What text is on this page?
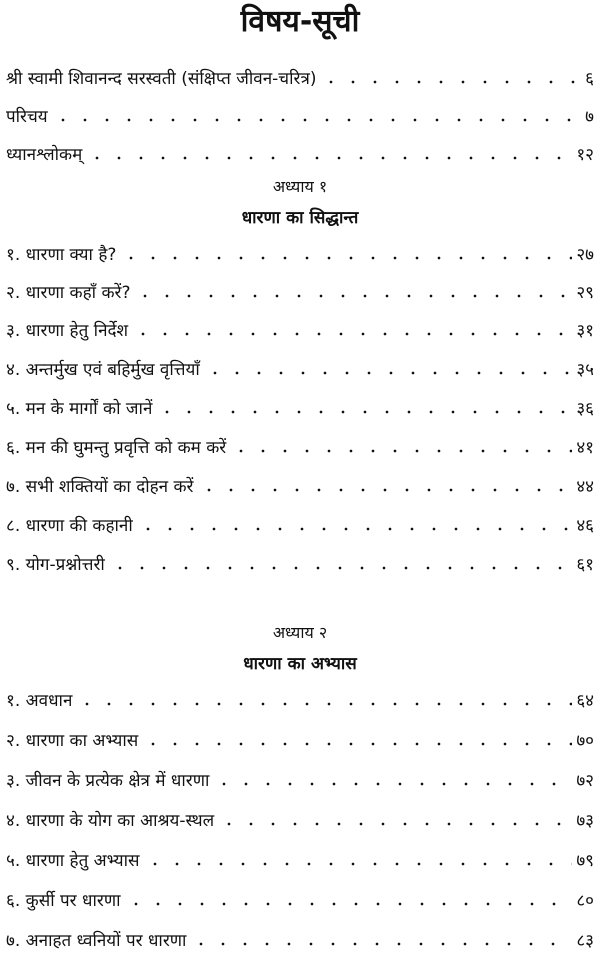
विषय-सूची
श्री स्वामी शिवानन्द सरस्वती (संक्षिप्त जीवन-चरित्र)	६
परिचय	७
ध्यानश्लोकम्	१२
अध्याय १
धारणा का सिद्धान्त
१. धारणा क्या है?	२७
२. धारणा कहाँ करें?	२९
३. धारणा हेतु निर्देश	३१
४. अन्तर्मुख एवं बहिर्मुख वृत्तियाँ	३५
५. मन के मार्गों को जानें	३६
६. मन की घुमन्तु प्रवृत्ति को कम करें	४१
७. सभी शक्तियों का दोहन करें	४४
८. धारणा की कहानी	४६
९. योग-प्रश्नोत्तरी	६१
अध्याय २
धारणा का अभ्यास
१. अवधान	६४
२. धारणा का अभ्यास	७०
३. जीवन के प्रत्येक क्षेत्र में धारणा	७२
४. धारणा के योग का आश्रय-स्थल	७३
५. धारणा हेतु अभ्यास	७९
६. कुर्सी पर धारणा	८०
७. अनाहत ध्वनियों पर धारणा	८३
